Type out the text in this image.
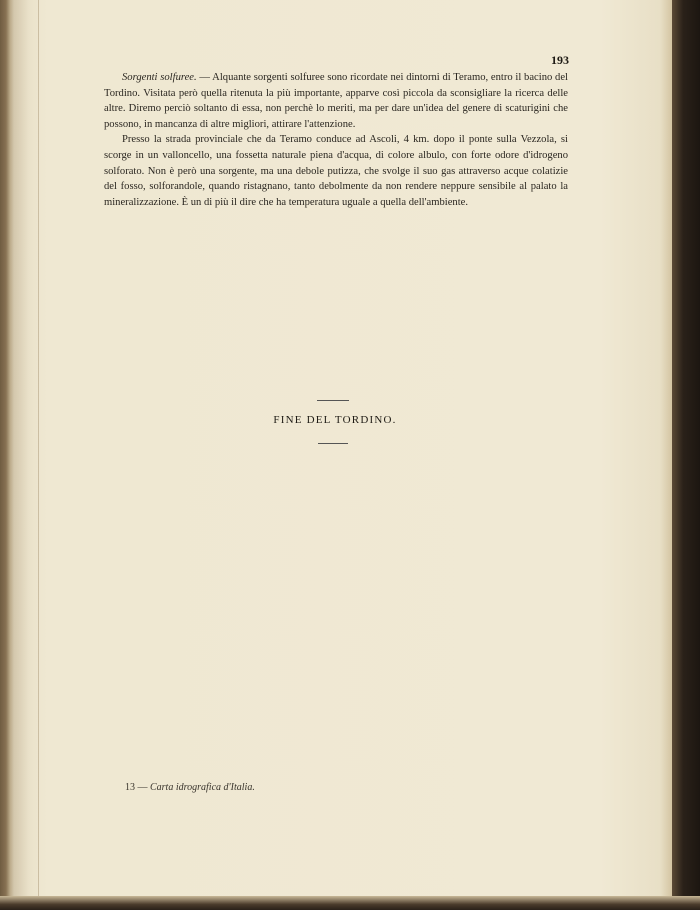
193

Sorgenti solfuree. — Alquante sorgenti solfuree sono ricordate nei dintorni di Teramo, entro il bacino del Tordino. Visitata però quella ritenuta la più importante, apparve così piccola da sconsigliare la ricerca delle altre. Diremo perciò soltanto di essa, non perchè lo meriti, ma per dare un'idea del genere di scaturigini che possono, in mancanza di altre migliori, attirare l'attenzione.

Presso la strada provinciale che da Teramo conduce ad Ascoli, 4 km. dopo il ponte sulla Vezzola, si scorge in un valloncello, una fossetta naturale piena d'acqua, di colore albulo, con forte odore d'idrogeno solforato. Non è però una sorgente, ma una debole putizza, che svolge il suo gas attraverso acque colatizie del fosso, solforandole, quando ristagnano, tanto debolmente da non rendere neppure sensibile al palato la mineralizzazione. È un di più il dire che ha temperatura uguale a quella dell'ambiente.

FINE DEL TORDINO.
13 — Carta idrografica d'Italia.
